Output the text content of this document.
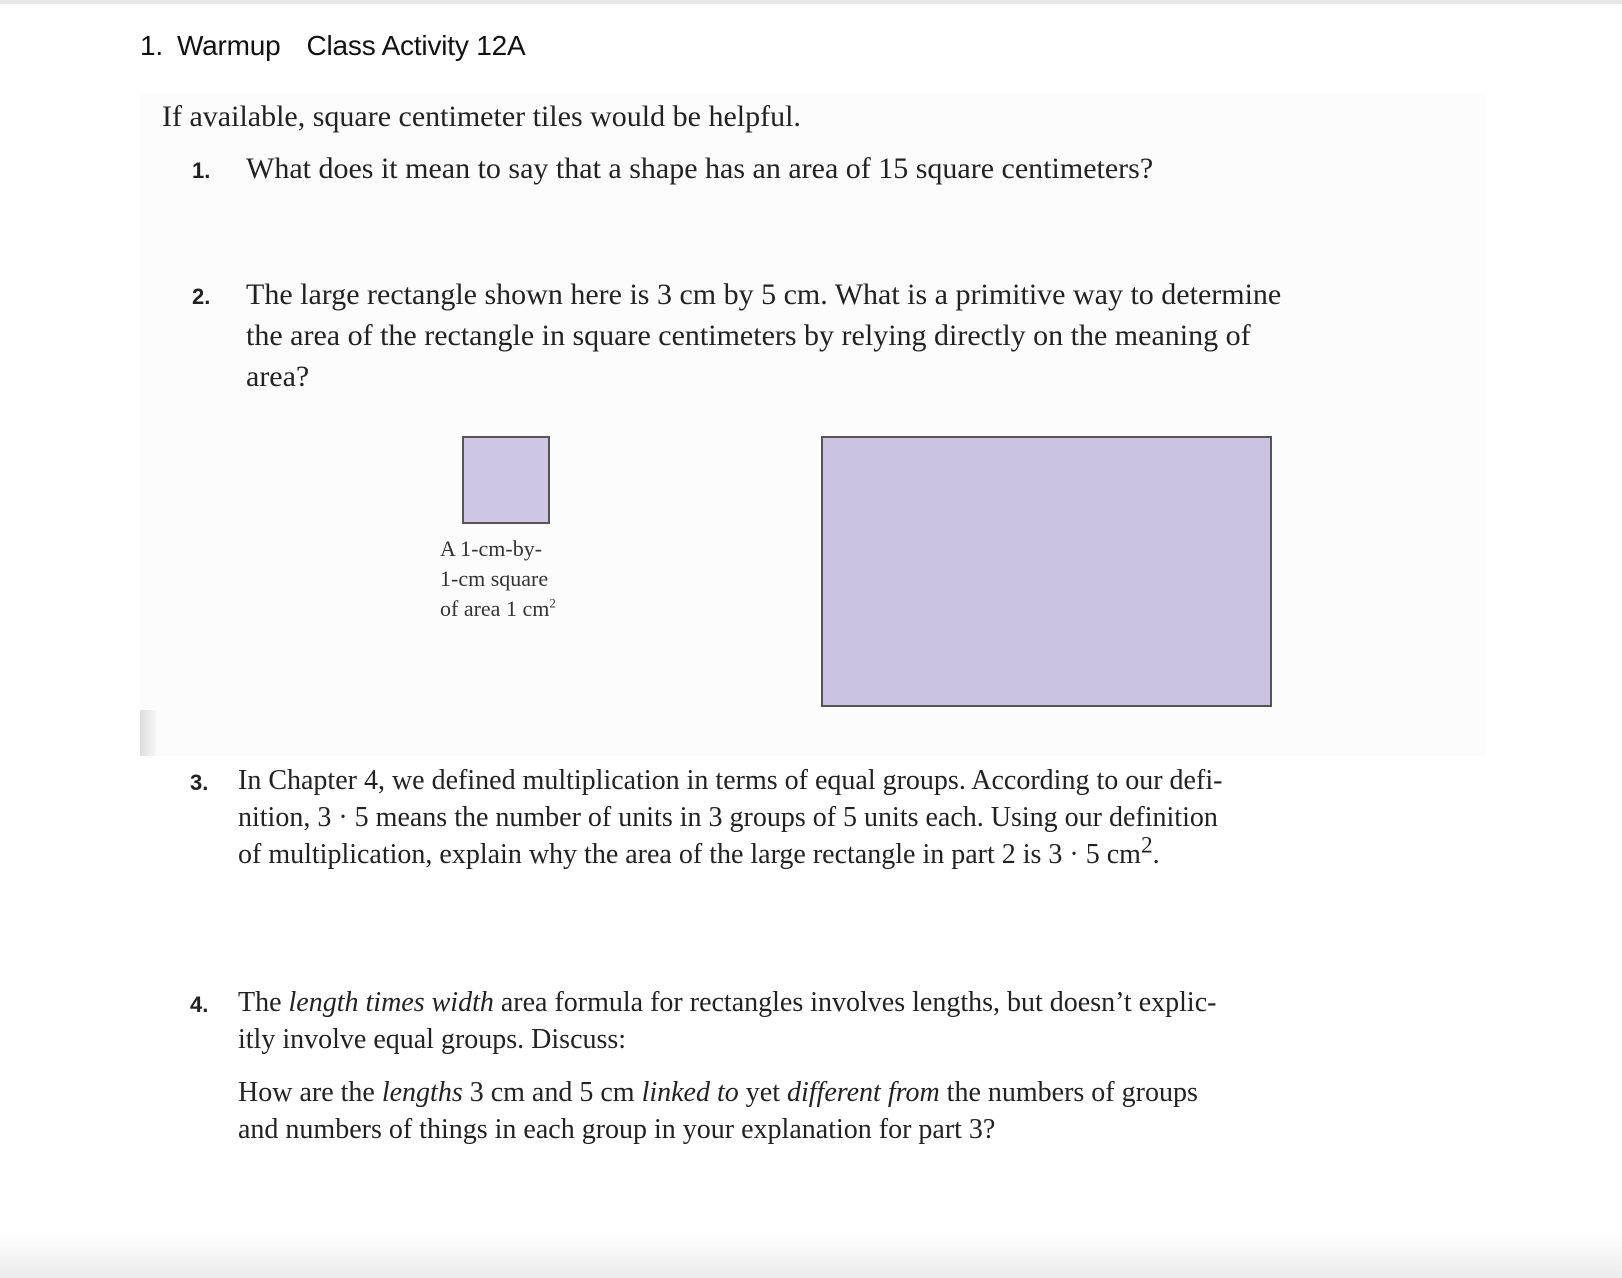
1. Warmup Class Activity 12A
If available, square centimeter tiles would be helpful.
1. What does it mean to say that a shape has an area of 15 square centimeters?
2. The large rectangle shown here is 3 cm by 5 cm. What is a primitive way to determine
the area of the rectangle in square centimeters by relying directly on the meaning of
area?
A 1-cm-by-
1-cm square
of area 1 $cm^2$
3. In Chapter 4, we defined multiplication in terms of equal groups. According to our defi-
nition, 3 · 5 means the number of units in 3 groups of 5 units each. Using our definition
of multiplication, explain why the area of the large rectangle in part 2 is 3 · 5 $cm^2$.
4. The length times width area formula for rectangles involves lengths, but doesn’t explic-
itly involve equal groups. Discuss:
How are the lengths 3 cm and 5 cm linked to yet different from the numbers of groups
and numbers of things in each group in your explanation for part 3?
